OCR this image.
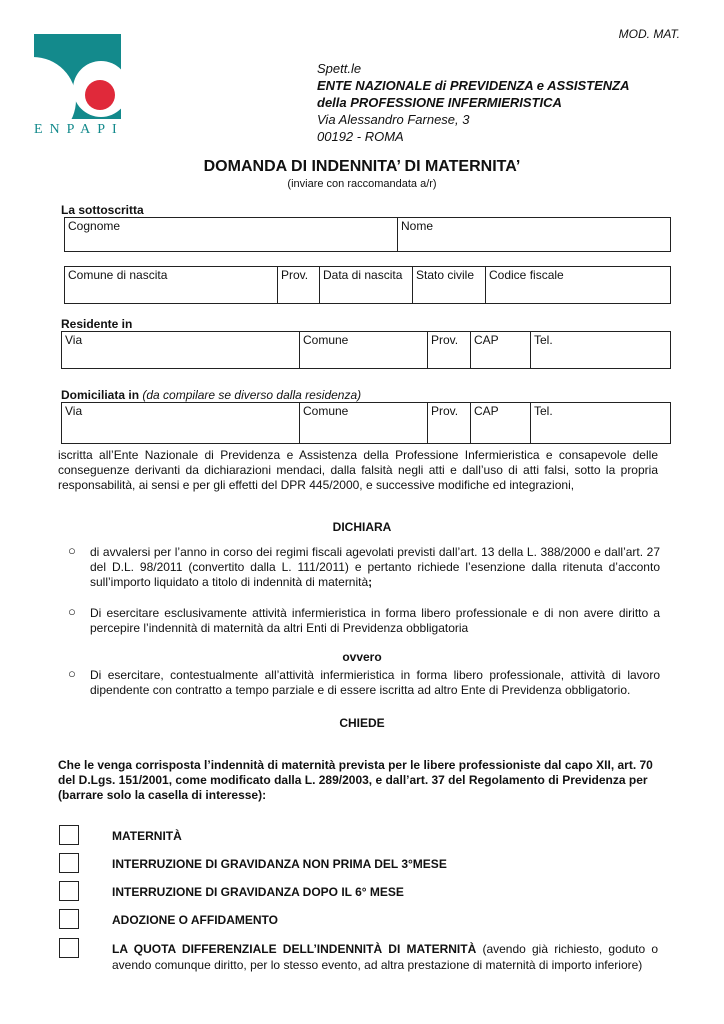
MOD. MAT.
ENPAPI
Spett.le
ENTE NAZIONALE di PREVIDENZA e ASSISTENZA
della PROFESSIONE INFERMIERISTICA
Via Alessandro Farnese, 3
00192 - ROMA
DOMANDA DI INDENNITA’ DI MATERNITA’
(inviare con raccomandata a/r)
La sottoscritta
Cognome	Nome
Comune di nascita	Prov.	Data di nascita	Stato civile	Codice fiscale
Residente in
Via	Comune	Prov.	CAP	Tel.
Domiciliata in (da compilare se diverso dalla residenza)
Via	Comune	Prov.	CAP	Tel.
iscritta all’Ente Nazionale di Previdenza e Assistenza della Professione Infermieristica e consapevole delle conseguenze derivanti da dichiarazioni mendaci, dalla falsità negli atti e dall’uso di atti falsi, sotto la propria responsabilità, ai sensi e per gli effetti del DPR 445/2000, e successive modifiche ed integrazioni,
DICHIARA
○ di avvalersi per l’anno in corso dei regimi fiscali agevolati previsti dall’art. 13 della L. 388/2000 e dall’art. 27 del D.L. 98/2011 (convertito dalla L. 111/2011) e pertanto richiede l’esenzione dalla ritenuta d’acconto sull’importo liquidato a titolo di indennità di maternità;
○ Di esercitare esclusivamente attività infermieristica in forma libero professionale e di non avere diritto a percepire l’indennità di maternità da altri Enti di Previdenza obbligatoria
ovvero
○ Di esercitare, contestualmente all’attività infermieristica in forma libero professionale, attività di lavoro dipendente con contratto a tempo parziale e di essere iscritta ad altro Ente di Previdenza obbligatorio.
CHIEDE
Che le venga corrisposta l’indennità di maternità prevista per le libere professioniste dal capo XII, art. 70 del D.Lgs. 151/2001, come modificato dalla L. 289/2003, e dall’art. 37 del Regolamento di Previdenza per (barrare solo la casella di interesse):
MATERNITÀ
INTERRUZIONE DI GRAVIDANZA NON PRIMA DEL 3°MESE
INTERRUZIONE DI GRAVIDANZA DOPO IL 6° MESE
ADOZIONE O AFFIDAMENTO
LA QUOTA DIFFERENZIALE DELL’INDENNITÀ DI MATERNITÀ (avendo già richiesto, goduto o avendo comunque diritto, per lo stesso evento, ad altra prestazione di maternità di importo inferiore)
